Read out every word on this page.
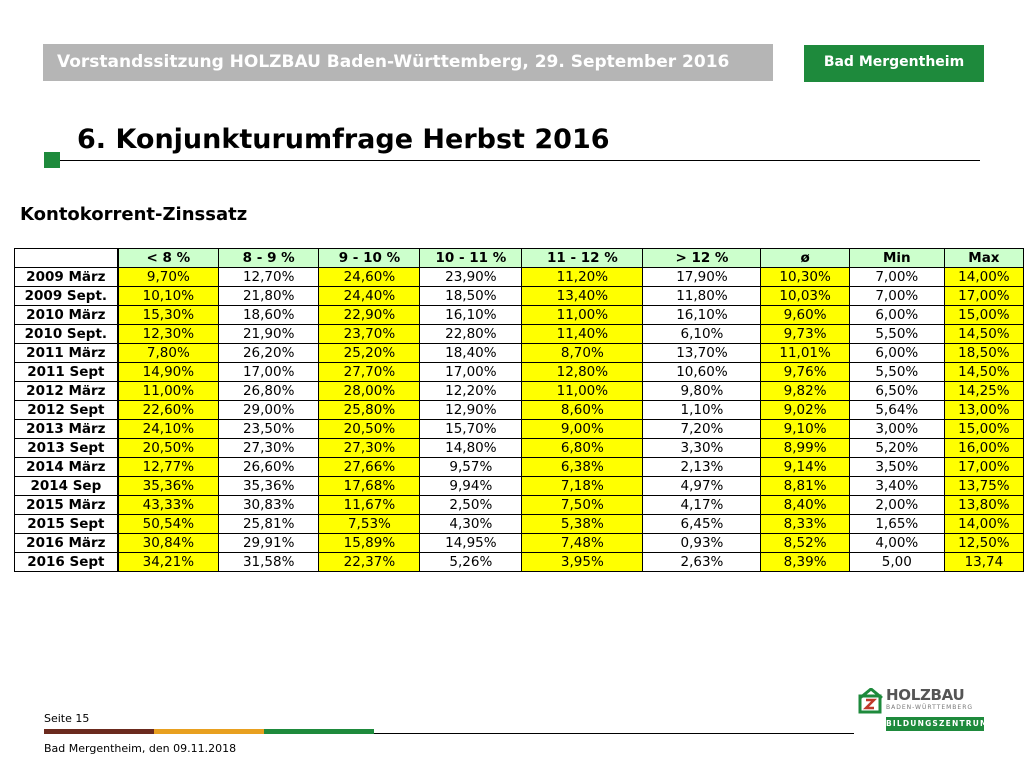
Vorstandssitzung HOLZBAU Baden-Württemberg, 29. September 2016	Bad Mergentheim
6. Konjunkturumfrage Herbst 2016
Kontokorrent-Zinssatz
	< 8 %	8 - 9 %	9 - 10 %	10 - 11 %	11 - 12 %	> 12 %	ø	Min	Max
2009 März	9,70%	12,70%	24,60%	23,90%	11,20%	17,90%	10,30%	7,00%	14,00%
2009 Sept.	10,10%	21,80%	24,40%	18,50%	13,40%	11,80%	10,03%	7,00%	17,00%
2010 März	15,30%	18,60%	22,90%	16,10%	11,00%	16,10%	9,60%	6,00%	15,00%
2010 Sept.	12,30%	21,90%	23,70%	22,80%	11,40%	6,10%	9,73%	5,50%	14,50%
2011 März	7,80%	26,20%	25,20%	18,40%	8,70%	13,70%	11,01%	6,00%	18,50%
2011 Sept	14,90%	17,00%	27,70%	17,00%	12,80%	10,60%	9,76%	5,50%	14,50%
2012 März	11,00%	26,80%	28,00%	12,20%	11,00%	9,80%	9,82%	6,50%	14,25%
2012 Sept	22,60%	29,00%	25,80%	12,90%	8,60%	1,10%	9,02%	5,64%	13,00%
2013 März	24,10%	23,50%	20,50%	15,70%	9,00%	7,20%	9,10%	3,00%	15,00%
2013 Sept	20,50%	27,30%	27,30%	14,80%	6,80%	3,30%	8,99%	5,20%	16,00%
2014 März	12,77%	26,60%	27,66%	9,57%	6,38%	2,13%	9,14%	3,50%	17,00%
2014 Sep	35,36%	35,36%	17,68%	9,94%	7,18%	4,97%	8,81%	3,40%	13,75%
2015 März	43,33%	30,83%	11,67%	2,50%	7,50%	4,17%	8,40%	2,00%	13,80%
2015 Sept	50,54%	25,81%	7,53%	4,30%	5,38%	6,45%	8,33%	1,65%	14,00%
2016 März	30,84%	29,91%	15,89%	14,95%	7,48%	0,93%	8,52%	4,00%	12,50%
2016 Sept	34,21%	31,58%	22,37%	5,26%	3,95%	2,63%	8,39%	5,00	13,74
Seite 15
Bad Mergentheim, den 09.11.2018
HOLZBAU
BADEN-WÜRTTEMBERG
BILDUNGSZENTRUM
